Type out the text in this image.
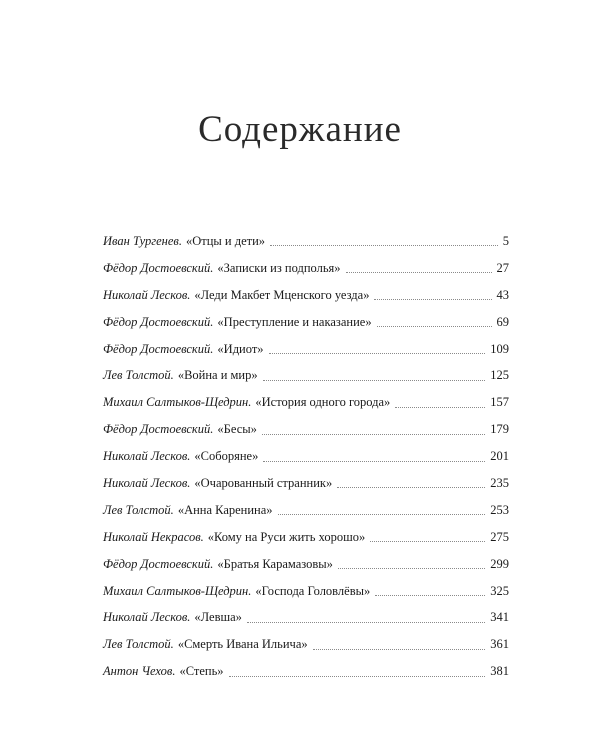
Содержание
Иван Тургенев. «Отцы и дети»	5
Фёдор Достоевский. «Записки из подполья»	27
Николай Лесков. «Леди Макбет Мценского уезда»	43
Фёдор Достоевский. «Преступление и наказание»	69
Фёдор Достоевский. «Идиот»	109
Лев Толстой. «Война и мир»	125
Михаил Салтыков-Щедрин. «История одного города»	157
Фёдор Достоевский. «Бесы»	179
Николай Лесков. «Соборяне»	201
Николай Лесков. «Очарованный странник»	235
Лев Толстой. «Анна Каренина»	253
Николай Некрасов. «Кому на Руси жить хорошо»	275
Фёдор Достоевский. «Братья Карамазовы»	299
Михаил Салтыков-Щедрин. «Господа Головлёвы»	325
Николай Лесков. «Левша»	341
Лев Толстой. «Смерть Ивана Ильича»	361
Антон Чехов. «Степь»	381
